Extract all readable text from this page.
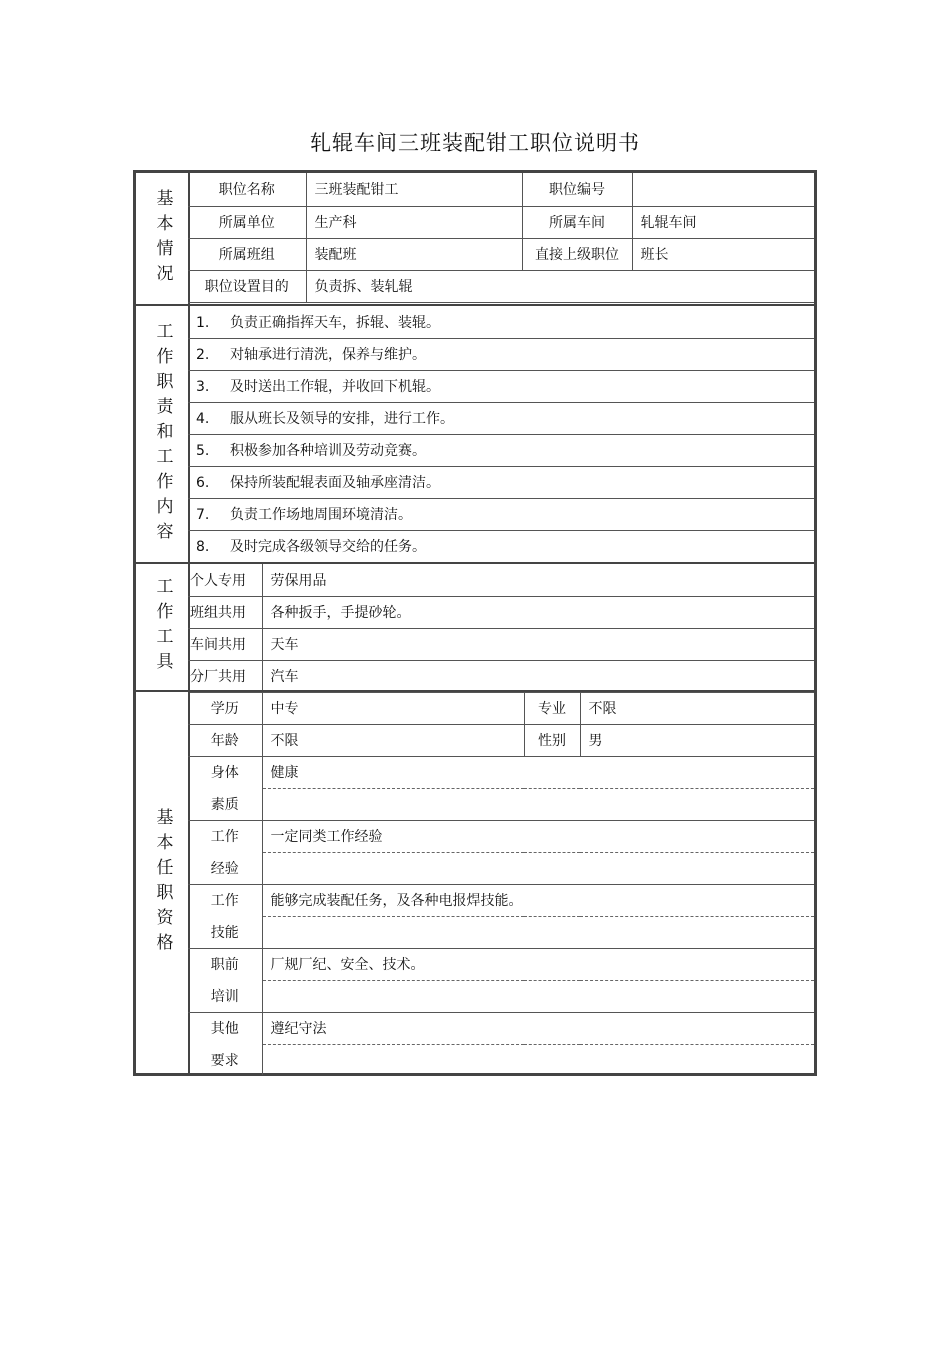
轧辊车间三班装配钳工职位说明书
基本情况	职位名称	三班装配钳工	职位编号	
所属单位	生产科	所属车间	轧辊车间
所属班组	装配班	直接上级职位	班长
职位设置目的	负责拆、装轧辊		
工作职责和工作内容 1. 负责正确指挥天车，拆辊、装辊。
2. 对轴承进行清洗，保养与维护。
3. 及时送出工作辊，并收回下机辊。
4. 服从班长及领导的安排，进行工作。
5. 积极参加各种培训及劳动竞赛。
6. 保持所装配辊表面及轴承座清洁。
7. 负责工作场地周围环境清洁。
8. 及时完成各级领导交给的任务。
工作工具 个人专用	劳保用品
班组共用	各种扳手，手提砂轮。
车间共用	天车
分厂共用	汽车
基本任职资格
学历	中专	专业	不限
年龄	不限	性别	男
身体	健康		
素质			
工作	一定同类工作经验		
经验			
工作	能够完成装配任务，及各种电报焊技能。		
技能			
职前	厂规厂纪、安全、技术。		
培训			
其他	遵纪守法		
要求			
